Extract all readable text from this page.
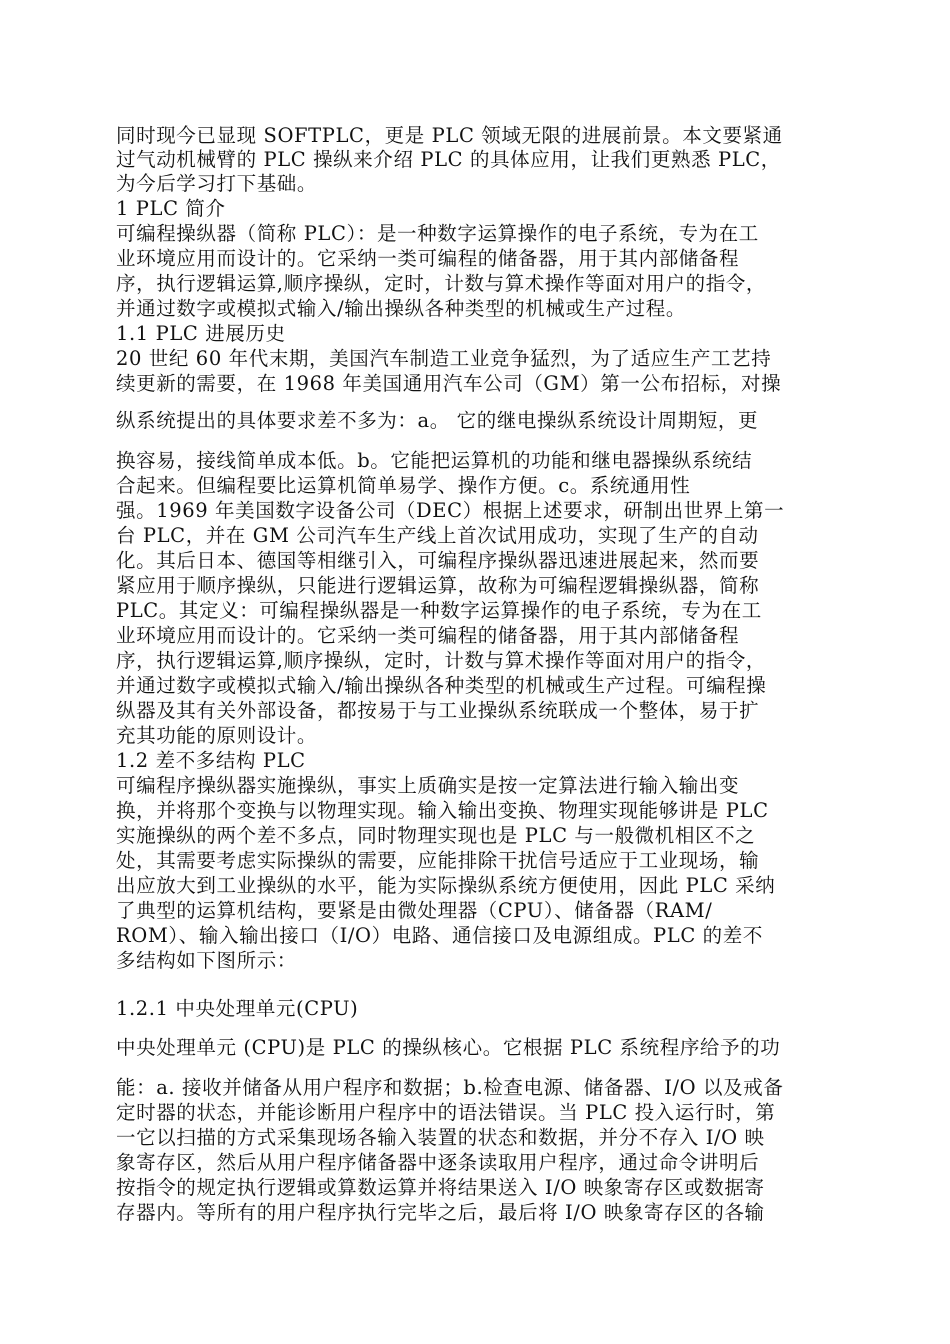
同时现今已显现 SOFTPLC，更是 PLC 领域无限的进展前景。本文要紧通
过气动机械臂的 PLC 操纵来介绍 PLC 的具体应用，让我们更熟悉 PLC，
为今后学习打下基础。
1 PLC 简介
可编程操纵器（简称 PLC）：是一种数字运算操作的电子系统，专为在工
业环境应用而设计的。它采纳一类可编程的储备器，用于其内部储备程
序，执行逻辑运算,顺序操纵，定时，计数与算术操作等面对用户的指令，
并通过数字或模拟式输入/输出操纵各种类型的机械或生产过程。
1.1 PLC 进展历史
20 世纪 60 年代末期，美国汽车制造工业竞争猛烈，为了适应生产工艺持
续更新的需要，在 1968 年美国通用汽车公司（GM）第一公布招标，对操
纵系统提出的具体要求差不多为：a。 它的继电操纵系统设计周期短，更
换容易，接线简单成本低。b。它能把运算机的功能和继电器操纵系统结
合起来。但编程要比运算机简单易学、操作方便。c。系统通用性
强。1969 年美国数字设备公司（DEC）根据上述要求，研制出世界上第一
台 PLC，并在 GM 公司汽车生产线上首次试用成功，实现了生产的自动
化。其后日本、德国等相继引入，可编程序操纵器迅速进展起来，然而要
紧应用于顺序操纵，只能进行逻辑运算，故称为可编程逻辑操纵器，简称
PLC。其定义：可编程操纵器是一种数字运算操作的电子系统，专为在工
业环境应用而设计的。它采纳一类可编程的储备器，用于其内部储备程
序，执行逻辑运算,顺序操纵，定时，计数与算术操作等面对用户的指令，
并通过数字或模拟式输入/输出操纵各种类型的机械或生产过程。可编程操
纵器及其有关外部设备，都按易于与工业操纵系统联成一个整体，易于扩
充其功能的原则设计。
1.2 差不多结构 PLC
可编程序操纵器实施操纵，事实上质确实是按一定算法进行输入输出变
换，并将那个变换与以物理实现。输入输出变换、物理实现能够讲是 PLC
实施操纵的两个差不多点，同时物理实现也是 PLC 与一般微机相区不之
处，其需要考虑实际操纵的需要，应能排除干扰信号适应于工业现场，输
出应放大到工业操纵的水平，能为实际操纵系统方便使用，因此 PLC 采纳
了典型的运算机结构，要紧是由微处理器（CPU）、储备器（RAM/
ROM）、输入输出接口（I/O）电路、通信接口及电源组成。PLC 的差不
多结构如下图所示：
1.2.1 中央处理单元(CPU)
中央处理单元 (CPU)是 PLC 的操纵核心。它根据 PLC 系统程序给予的功
能：a. 接收并储备从用户程序和数据；b.检查电源、储备器、I/O 以及戒备
定时器的状态，并能诊断用户程序中的语法错误。当 PLC 投入运行时，第
一它以扫描的方式采集现场各输入装置的状态和数据，并分不存入 I/O 映
象寄存区，然后从用户程序储备器中逐条读取用户程序，通过命令讲明后
按指令的规定执行逻辑或算数运算并将结果送入 I/O 映象寄存区或数据寄
存器内。等所有的用户程序执行完毕之后，最后将 I/O 映象寄存区的各输
